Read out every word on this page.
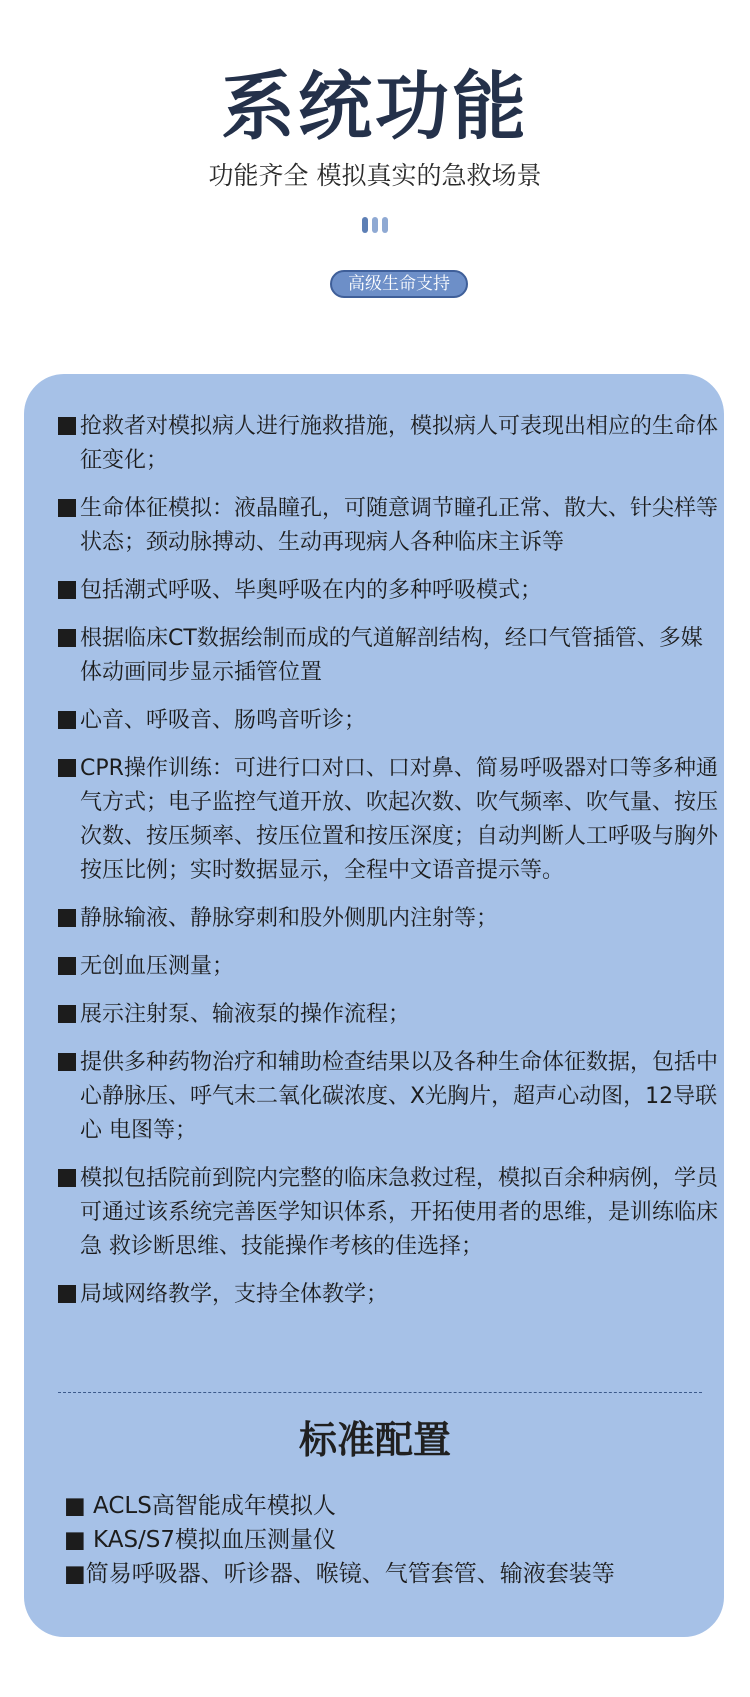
系统功能
功能齐全 模拟真实的急救场景
高级生命支持
抢救者对模拟病人进行施救措施，模拟病人可表现出相应的生命体征变化；
生命体征模拟：液晶瞳孔，可随意调节瞳孔正常、散大、针尖样等状态；颈动脉搏动、生动再现病人各种临床主诉等
包括潮式呼吸、毕奥呼吸在内的多种呼吸模式；
根据临床CT数据绘制而成的气道解剖结构，经口气管插管、多媒体动画同步显示插管位置
心音、呼吸音、肠鸣音听诊；
CPR操作训练：可进行口对口、口对鼻、简易呼吸器对口等多种通气方式；电子监控气道开放、吹起次数、吹气频率、吹气量、按压 次数、按压频率、按压位置和按压深度；自动判断人工呼吸与胸外按压比例；实时数据显示，全程中文语音提示等。
静脉输液、静脉穿刺和股外侧肌内注射等；
无创血压测量；
展示注射泵、输液泵的操作流程；
提供多种药物治疗和辅助检查结果以及各种生命体征数据，包括中心静脉压、呼气末二氧化碳浓度、X光胸片，超声心动图，12导联心 电图等；
模拟包括院前到院内完整的临床急救过程，模拟百余种病例，学员可通过该系统完善医学知识体系，开拓使用者的思维，是训练临床急 救诊断思维、技能操作考核的佳选择；
局域网络教学，支持全体教学；
标准配置
■ ACLS高智能成年模拟人
■ KAS/S7模拟血压测量仪
■简易呼吸器、听诊器、喉镜、气管套管、输液套装等
